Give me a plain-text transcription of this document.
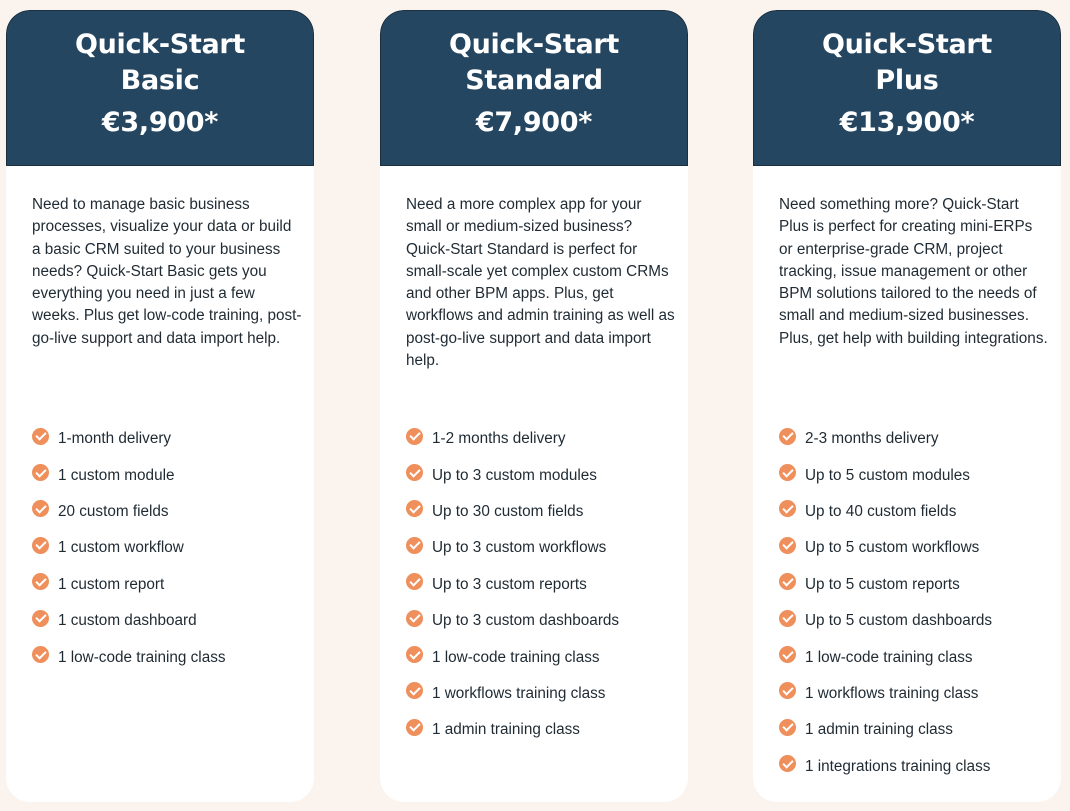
Quick-Start
Basic
€3,900*

Need to manage basic business processes, visualize your data or build a basic CRM suited to your business needs? Quick-Start Basic gets you everything you need in just a few weeks. Plus get low-code training, post-go-live support and data import help.

1-month delivery
1 custom module
20 custom fields
1 custom workflow
1 custom report
1 custom dashboard
1 low-code training class
Quick-Start
Standard
€7,900*

Need a more complex app for your small or medium-sized business? Quick-Start Standard is perfect for small-scale yet complex custom CRMs and other BPM apps. Plus, get workflows and admin training as well as post-go-live support and data import help.

1-2 months delivery
Up to 3 custom modules
Up to 30 custom fields
Up to 3 custom workflows
Up to 3 custom reports
Up to 3 custom dashboards
1 low-code training class
1 workflows training class
1 admin training class
Quick-Start
Plus
€13,900*

Need something more? Quick-Start Plus is perfect for creating mini-ERPs or enterprise-grade CRM, project tracking, issue management or other BPM solutions tailored to the needs of small and medium-sized businesses. Plus, get help with building integrations.

2-3 months delivery
Up to 5 custom modules
Up to 40 custom fields
Up to 5 custom workflows
Up to 5 custom reports
Up to 5 custom dashboards
1 low-code training class
1 workflows training class
1 admin training class
1 integrations training class
